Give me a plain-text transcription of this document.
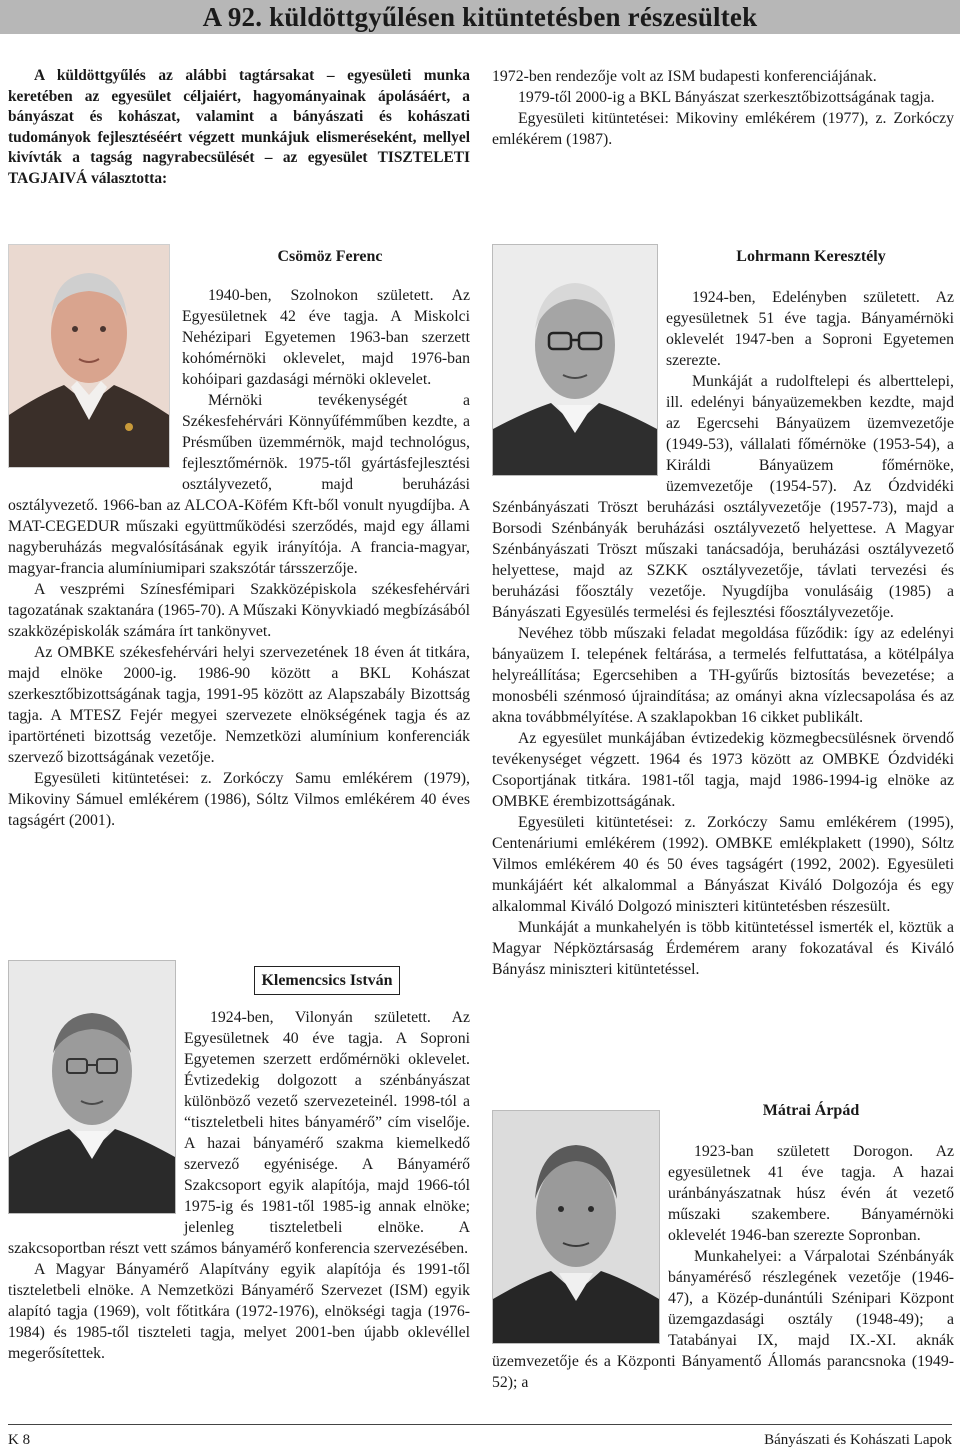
A 92. küldöttgyűlésen kitüntetésben részesültek

A küldöttgyűlés az alábbi tagtársakat – egyesületi munka keretében az egyesület céljaiért, hagyományainak ápolásáért, a bányászat és kohászat, valamint a bányászati és kohászati tudományok fejlesztéséért végzett munkájuk elismeréseként, mellyel kivívták a tagság nagyrabecsülését – az egyesület TISZTELETI TAGJAIVÁ választotta:

1972-ben rendezője volt az ISM budapesti konferenciájának.

1979-től 2000-ig a BKL Bányászat szerkesztőbizottságának tagja.

Egyesületi kitüntetései: Mikoviny emlékérem (1977), z. Zorkóczy emlékérem (1987).

Csömöz Ferenc

1940-ben, Szolnokon született. Az Egyesületnek 42 éve tagja. A Miskolci Nehézipari Egyetemen 1963-ban szerzett kohómérnöki oklevelet, majd 1976-ban kohóipari gazdasági mérnöki oklevelet.

Mérnöki tevékenységét a Székesfehérvári Könnyűfémműben kezdte, a Présműben üzemmérnök, majd technológus, fejlesztőmérnök. 1975-től gyártásfejlesztési osztályvezető, majd beruházási osztályvezető. 1966-ban az ALCOA-Köfém Kft-ből vonult nyugdíjba. A MAT-CEGEDUR műszaki együttműködési szerződés, majd egy állami nagyberuházás megvalósításának egyik irányítója. A francia-magyar, magyar-francia alumíniumipari szakszótár társszerzője.

A veszprémi Színesfémipari Szakközépiskola székesfehérvári tagozatának szaktanára (1965-70). A Műszaki Könyvkiadó megbízásából szakközépiskolák számára írt tankönyvet.

Az OMBKE székesfehérvári helyi szervezetének 18 éven át titkára, majd elnöke 2000-ig. 1986-90 között a BKL Kohászat szerkesztőbizottságának tagja, 1991-95 között az Alapszabály Bizottság tagja. A MTESZ Fejér megyei szervezete elnökségének tagja és az ipartörténeti bizottság vezetője. Nemzetközi alumínium konferenciák szervező bizottságának vezetője.

Egyesületi kitüntetései: z. Zorkóczy Samu emlékérem (1979), Mikoviny Sámuel emlékérem (1986), Sóltz Vilmos emlékérem 40 éves tagságért (2001).

Klemencsics István

1924-ben, Vilonyán született. Az Egyesületnek 40 éve tagja. A Soproni Egyetemen szerzett erdőmérnöki oklevelet. Évtizedekig dolgozott a szénbányászat különböző vezető szervezeteinél. 1998-tól a “tiszteletbeli hites bányamérő” cím viselője. A hazai bányamérő szakma kiemelkedő szervező egyénisége. A Bányamérő Szakcsoport egyik alapítója, majd 1966-tól 1975-ig és 1981-től 1985-ig annak elnöke; jelenleg tiszteletbeli elnöke. A szakcsoportban részt vett számos bányamérő konferencia szervezésében.

A Magyar Bányamérő Alapítvány egyik alapítója és 1991-től tiszteletbeli elnöke. A Nemzetközi Bányamérő Szervezet (ISM) egyik alapító tagja (1969), volt főtitkára (1972-1976), elnökségi tagja (1976-1984) és 1985-től tiszteleti tagja, melyet 2001-ben újabb oklevéllel megerősítettek.

Lohrmann Keresztély

1924-ben, Edelényben született. Az egyesületnek 51 éve tagja. Bányamérnöki oklevelét 1947-ben a Soproni Egyetemen szerezte.

Munkáját a rudolftelepi és alberttelepi, ill. edelényi bányaüzemekben kezdte, majd az Egercsehi Bányaüzem üzemvezetője (1949-53), vállalati főmérnöke (1953-54), a Királdi Bányaüzem főmérnöke, üzemvezetője (1954-57). Az Ózdvidéki Szénbányászati Tröszt beruházási osztályvezetője (1957-73), majd a Borsodi Szénbányák beruházási osztályvezető helyettese. A Magyar Szénbányászati Tröszt műszaki tanácsadója, beruházási osztályvezető helyettese, majd az SZKK osztályvezetője, távlati tervezési és beruházási főosztály vezetője. Nyugdíjba vonulásáig (1985) a Bányászati Egyesülés termelési és fejlesztési főosztályvezetője.

Nevéhez több műszaki feladat megoldása fűződik: így az edelényi bányaüzem I. telepének feltárása, a termelés felfuttatása, a kötélpálya helyreállítása; Egercsehiben a TH-gyűrűs biztosítás bevezetése; a monosbéli szénmosó újraindítása; az ományi akna vízlecsapolása és az akna továbbmélyítése. A szaklapokban 16 cikket publikált.

Az egyesület munkájában évtizedekig közmegbecsülésnek örvendő tevékenységet végzett. 1964 és 1973 között az OMBKE Ózdvidéki Csoportjának titkára. 1981-től tagja, majd 1986-1994-ig elnöke az OMBKE érembizottságának.

Egyesületi kitüntetései: z. Zorkóczy Samu emlékérem (1995), Centenáriumi emlékérem (1992). OMBKE emlékplakett (1990), Sóltz Vilmos emlékérem 40 és 50 éves tagságért (1992, 2002). Egyesületi munkájáért két alkalommal a Bányászat Kiváló Dolgozója és egy alkalommal Kiváló Dolgozó miniszteri kitüntetésben részesült.

Munkáját a munkahelyén is több kitüntetéssel ismerték el, köztük a Magyar Népköztársaság Érdemérem arany fokozatával és Kiváló Bányász miniszteri kitüntetéssel.

Mátrai Árpád

1923-ban született Dorogon. Az egyesületnek 41 éve tagja. A hazai uránbányászatnak húsz évén át vezető műszaki szakembere. Bányamérnöki oklevelét 1946-ban szerezte Sopronban.

Munkahelyei: a Várpalotai Szénbányák bányaméréső részlegének vezetője (1946-47), a Közép-dunántúli Szénipari Központ üzemgazdasági osztály (1948-49); a Tatabányai IX, majd IX.-XI. aknák üzemvezetője és a Központi Bányamentő Állomás parancsnoka (1949-52); a

K 8	Bányászati és Kohászati Lapok
